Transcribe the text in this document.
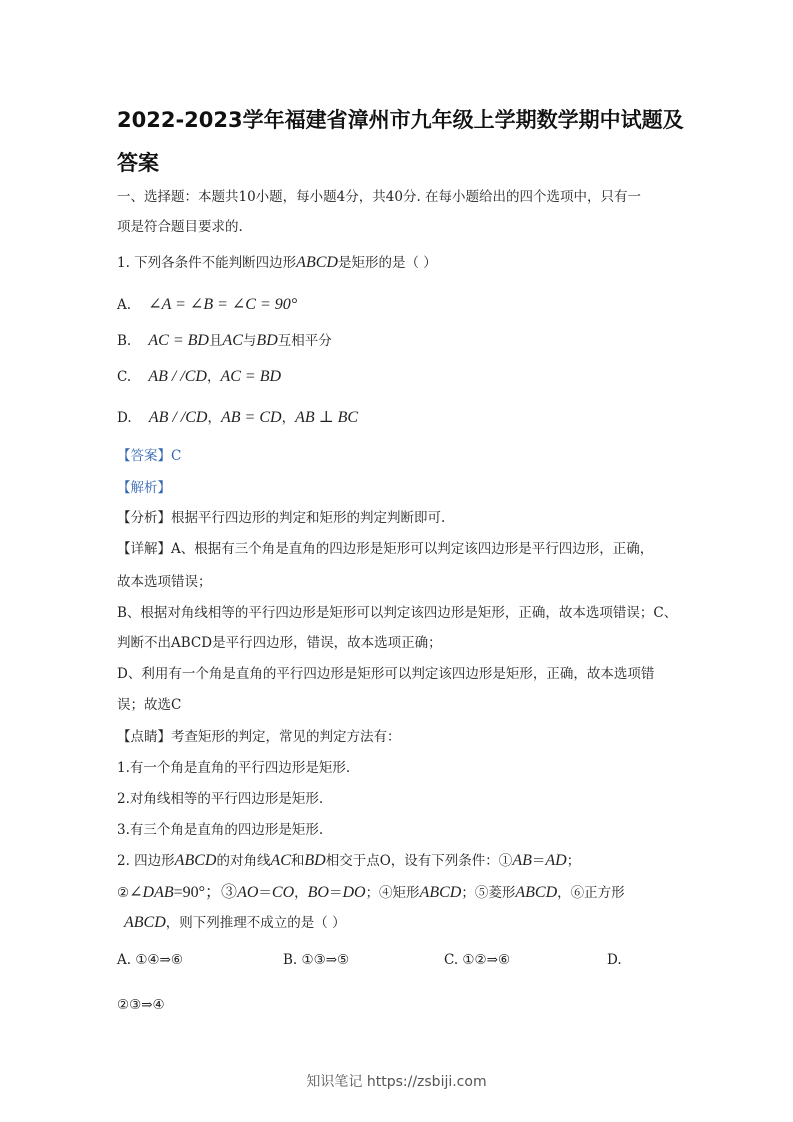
2022-2023学年福建省漳州市九年级上学期数学期中试题及
答案
一、选择题：本题共10小题，每小题4分，共40分. 在每小题给出的四个选项中，只有一
项是符合题目要求的.
1. 下列各条件不能判断四边形ABCD是矩形的是（ ）
A. ∠A = ∠B = ∠C = 90°
B. AC = BD且AC与BD互相平分
C. AB / /CD，AC = BD
D. AB / /CD，AB = CD，AB ⊥ BC
【答案】C
【解析】
【分析】根据平行四边形的判定和矩形的判定判断即可.
【详解】A、根据有三个角是直角的四边形是矩形可以判定该四边形是平行四边形，正确，
故本选项错误；
B、根据对角线相等的平行四边形是矩形可以判定该四边形是矩形，正确，故本选项错误；C、
判断不出ABCD是平行四边形，错误，故本选项正确；
D、利用有一个角是直角的平行四边形是矩形可以判定该四边形是矩形，正确，故本选项错
误；故选C
【点睛】考查矩形的判定，常见的判定方法有：
1.有一个角是直角的平行四边形是矩形.
2.对角线相等的平行四边形是矩形.
3.有三个角是直角的四边形是矩形.
2. 四边形ABCD的对角线AC和BD相交于点O，设有下列条件：①AB＝AD；
②∠DAB=90°；③AO＝CO，BO＝DO；④矩形ABCD；⑤菱形ABCD，⑥正方形
ABCD，则下列推理不成立的是（ ）
A. ①④⇒⑥	B. ①③⇒⑤	C. ①②⇒⑥	D.
②③⇒④
知识笔记 https://zsbiji.com
